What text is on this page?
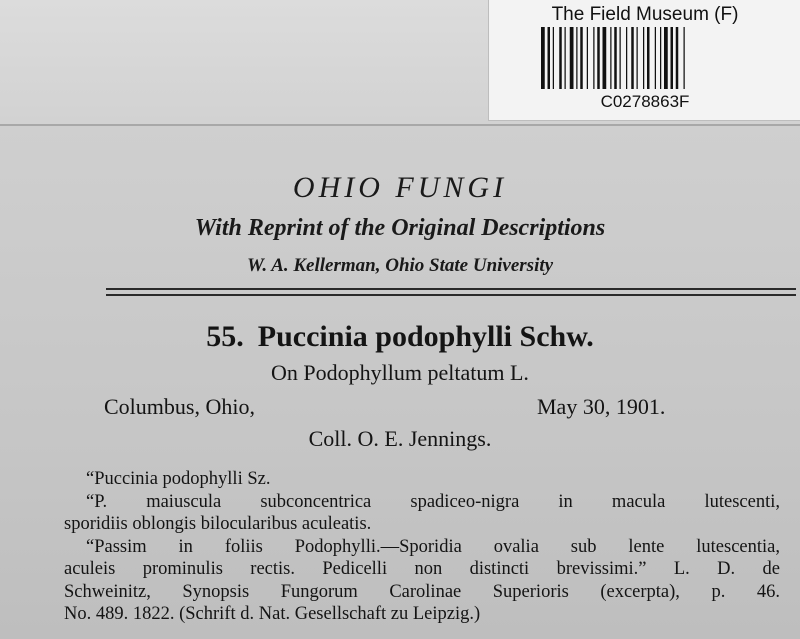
The Field Museum (F)
C0278863F
OHIO FUNGI
With Reprint of the Original Descriptions
W. A. Kellerman, Ohio State University
55. Puccinia podophylli Schw.
On Podophyllum peltatum L.
Columbus, Ohio,	May 30, 1901.
Coll. O. E. Jennings.

“Puccinia podophylli Sz.

“P. maiuscula subconcentrica spadiceo-nigra in macula lutescenti,

sporidiis oblongis bilocularibus aculeatis.

“Passim in foliis Podophylli.—Sporidia ovalia sub lente lutescentia,

aculeis prominulis rectis. Pedicelli non distincti brevissimi.” L. D. de

Schweinitz, Synopsis Fungorum Carolinae Superioris (excerpta), p. 46.

No. 489. 1822. (Schrift d. Nat. Gesellschaft zu Leipzig.)
